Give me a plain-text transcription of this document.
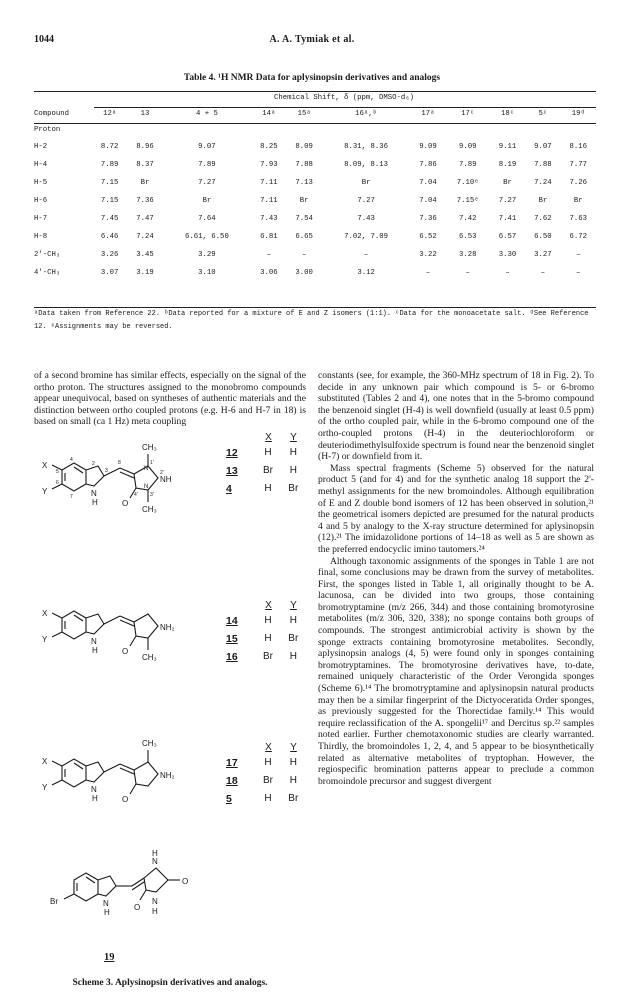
1044	A. A. Tymiak et al.
Table 4. ¹H NMR Data for aplysinopsin derivatives and analogs
	Chemical Shift, δ (ppm, DMSO-d₆)										
Compound	12ᵃ	13	4 + 5	14ᵃ	15ᵃ	16ᵃ,ᵇ	17ᵃ	17ᶜ	18ᶜ	5ᶜ	19ᵈ
Proton											
H-2	8.72	8.96	9.07	8.25	8.09	8.31, 8.36	9.09	9.09	9.11	9.07	8.16
H-4	7.89	8.37	7.89	7.93	7.88	8.09, 8.13	7.86	7.89	8.19	7.88	7.77
H-5	7.15	Br	7.27	7.11	7.13	Br	7.04	7.10ᵉ	Br	7.24	7.26
H-6	7.15	7.36	Br	7.11	Br	7.27	7.04	7.15ᵉ	7.27	Br	Br
H-7	7.45	7.47	7.64	7.43	7.54	7.43	7.36	7.42	7.41	7.62	7.63
H-8	6.46	7.24	6.61, 6.50	6.81	6.65	7.02, 7.09	6.52	6.53	6.57	6.50	6.72
2'-CH₃	3.26	3.45	3.29	–	–	–	3.22	3.28	3.30	3.27	–
4'-CH₃	3.07	3.19	3.10	3.06	3.00	3.12	–	–	–	–	–
ᵃData taken from Reference 22. ᵇData reported for a mixture of E and Z isomers (1:1). ᶜData for the monoacetate salt. ᵈSee Reference 12. ᵉAssignments may be reversed.
of a second bromine has similar effects, especially on the signal of the ortho proton. The structures assigned to the monobromo compounds appear unequivocal, based on syntheses of authentic materials and the distinction between ortho coupled protons (e.g. H-6 and H-7 in 18) is based on small (ca 1 Hz) meta coupling
X
Y	N
H	O
CH₃
CH₃
NH
N
N
2
3
4
5
6
7
8	1'
2'
3'
4'
X
Y	N
H	O
CH₃
NH₂
X
Y	N
H	O
CH₃
NH₂
Br	N
H
N
H
N
H
O
O
X	Y
12	H	H
13	Br	H
4	H	Br
X	Y
14	H	H
15	H	Br
16	Br	H
X	Y
17	H	H
18	Br	H
5	H	Br
19
Scheme 3. Aplysinopsin derivatives and analogs.

constants (see, for example, the 360-MHz spectrum of 18 in Fig. 2). To decide in any unknown pair which compound is 5- or 6-bromo substituted (Tables 2 and 4), one notes that in the 5-bromo compound the benzenoid singlet (H-4) is well downfield (usually at least 0.5 ppm) of the ortho coupled pair, while in the 6-bromo compound one of the ortho-coupled protons (H-4) in the deuteriochloroform or deuteriodimethylsulfoxide spectrum is found near the benzenoid singlet (H-7) or downfield from it.

Mass spectral fragments (Scheme 5) observed for the natural product 5 (and for 4) and for the synthetic analog 18 support the 2'-methyl assignments for the new bromoindoles. Although equilibration of E and Z double bond isomers of 12 has been observed in solution,²¹ the geometrical isomers depicted are presumed for the natural products 4 and 5 by analogy to the X-ray structure determined for aplysinopsin (12).²¹ The imidazolidone portions of 14–18 as well as 5 are shown as the preferred endocyclic imino tautomers.²⁴

Although taxonomic assignments of the sponges in Table 1 are not final, some conclusions may be drawn from the survey of metabolites. First, the sponges listed in Table 1, all originally thought to be A. lacunosa, can be divided into two groups, those containing bromotryptamine (m/z 266, 344) and those containing bromotyrosine metabolites (m/z 306, 320, 338); no sponge contains both groups of compounds. The strongest antimicrobial activity is shown by the sponge extracts containing bromotyrosine metabolites. Secondly, aplysinopsin analogs (4, 5) were found only in sponges containing bromotryptamines. The bromotyrosine derivatives have, to-date, remained uniquely characteristic of the Order Verongida sponges (Scheme 6).¹⁴ The bromotryptamine and aplysinopsin natural products may then be a similar fingerprint of the Dictyoceratida Order sponges, as previously suggested for the Thorectidae family.¹⁴ This would require reclassification of the A. spongelii¹⁷ and Dercitus sp.²² samples noted earlier. Further chemotaxonomic studies are clearly warranted. Thirdly, the bromoindoles 1, 2, 4, and 5 appear to be biosynthetically related as alternative metabolites of tryptophan. However, the regiospecific bromination patterns appear to preclude a common bromoindole precursor and suggest divergent
